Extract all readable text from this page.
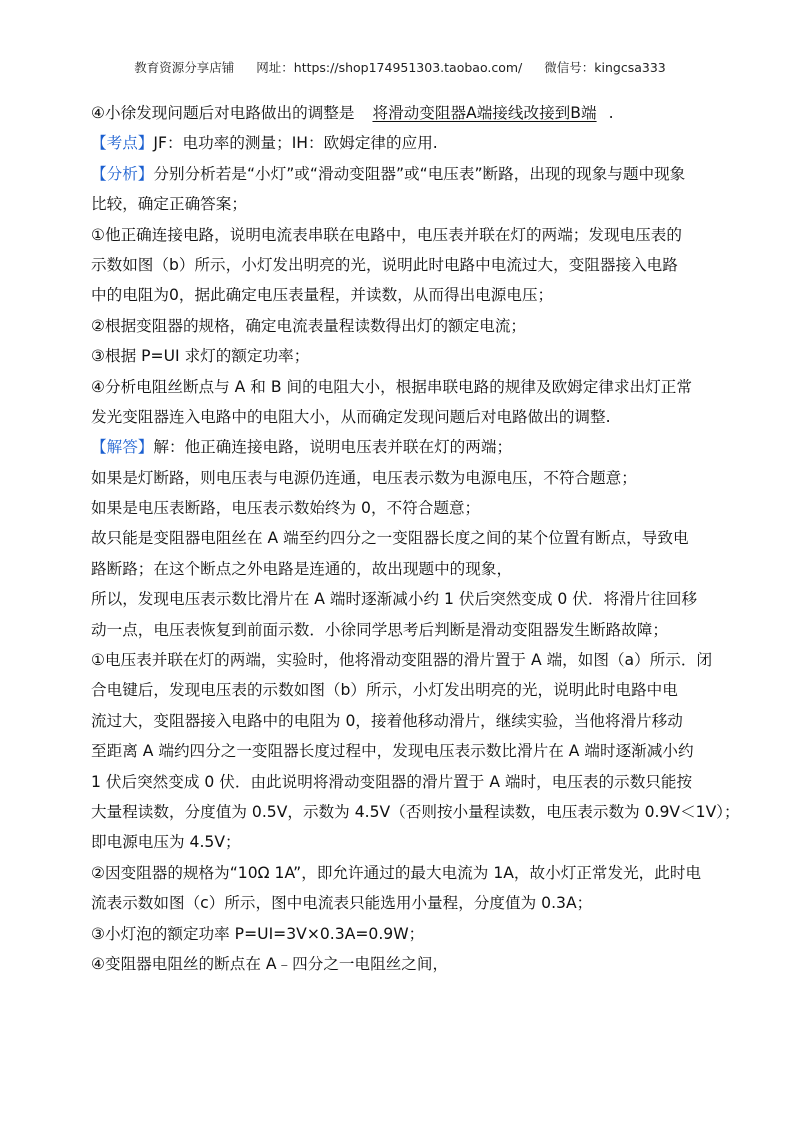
教育资源分享店铺 网址：https://shop174951303.taobao.com/ 微信号：kingcsa333
④小徐发现问题后对电路做出的调整是 将滑动变阻器A端接线改接到B端 .
【考点】JF：电功率的测量；IH：欧姆定律的应用.
【分析】分别分析若是“小灯”或“滑动变阻器”或“电压表”断路，出现的现象与题中现象
比较，确定正确答案；
①他正确连接电路，说明电流表串联在电路中，电压表并联在灯的两端；发现电压表的
示数如图（b）所示，小灯发出明亮的光，说明此时电路中电流过大，变阻器接入电路
中的电阻为0，据此确定电压表量程，并读数，从而得出电源电压；
②根据变阻器的规格，确定电流表量程读数得出灯的额定电流；
③根据 P=UI 求灯的额定功率；
④分析电阻丝断点与 A 和 B 间的电阻大小，根据串联电路的规律及欧姆定律求出灯正常
发光变阻器连入电路中的电阻大小，从而确定发现问题后对电路做出的调整.
【解答】解：他正确连接电路，说明电压表并联在灯的两端；
如果是灯断路，则电压表与电源仍连通，电压表示数为电源电压，不符合题意；
如果是电压表断路，电压表示数始终为 0，不符合题意；
故只能是变阻器电阻丝在 A 端至约四分之一变阻器长度之间的某个位置有断点，导致电
路断路；在这个断点之外电路是连通的，故出现题中的现象，
所以，发现电压表示数比滑片在 A 端时逐渐减小约 1 伏后突然变成 0 伏．将滑片往回移
动一点，电压表恢复到前面示数．小徐同学思考后判断是滑动变阻器发生断路故障；
①电压表并联在灯的两端，实验时，他将滑动变阻器的滑片置于 A 端，如图（a）所示．闭
合电键后，发现电压表的示数如图（b）所示，小灯发出明亮的光，说明此时电路中电
流过大，变阻器接入电路中的电阻为 0，接着他移动滑片，继续实验，当他将滑片移动
至距离 A 端约四分之一变阻器长度过程中，发现电压表示数比滑片在 A 端时逐渐减小约
1 伏后突然变成 0 伏．由此说明将滑动变阻器的滑片置于 A 端时，电压表的示数只能按
大量程读数，分度值为 0.5V，示数为 4.5V（否则按小量程读数，电压表示数为 0.9V＜1V）；
即电源电压为 4.5V；
②因变阻器的规格为“10Ω 1A”，即允许通过的最大电流为 1A，故小灯正常发光，此时电
流表示数如图（c）所示，图中电流表只能选用小量程，分度值为 0.3A；
③小灯泡的额定功率 P=UI=3V×0.3A=0.9W；
④变阻器电阻丝的断点在 A﹣四分之一电阻丝之间，
